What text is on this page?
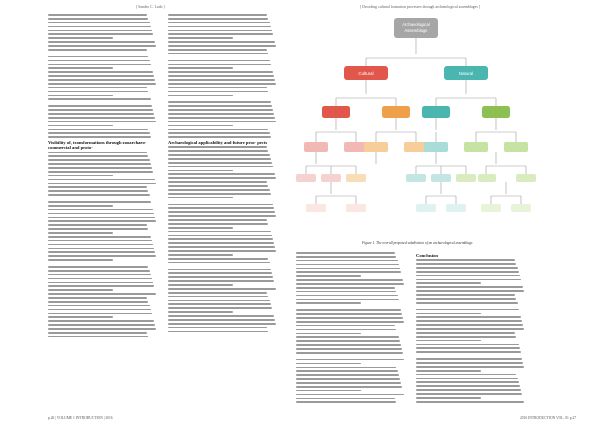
[ Sandro C. Ludo ]	[ Decoding cultural formation processes through archaeological assemblages ]
Visibility of, transformations through zooarchaeo- commercial and proto-
Archaeological applicability and future pros- pects
Archaeological
Assemblage
Cultural	Natural
Figure 1. The overall proposed subdivision of an archaeological assemblage.
Conclusion
p.26 | VOLUME 1 INTRODUCTION | 2016	2016 INTRODUCTION VOL. 01 p.27
